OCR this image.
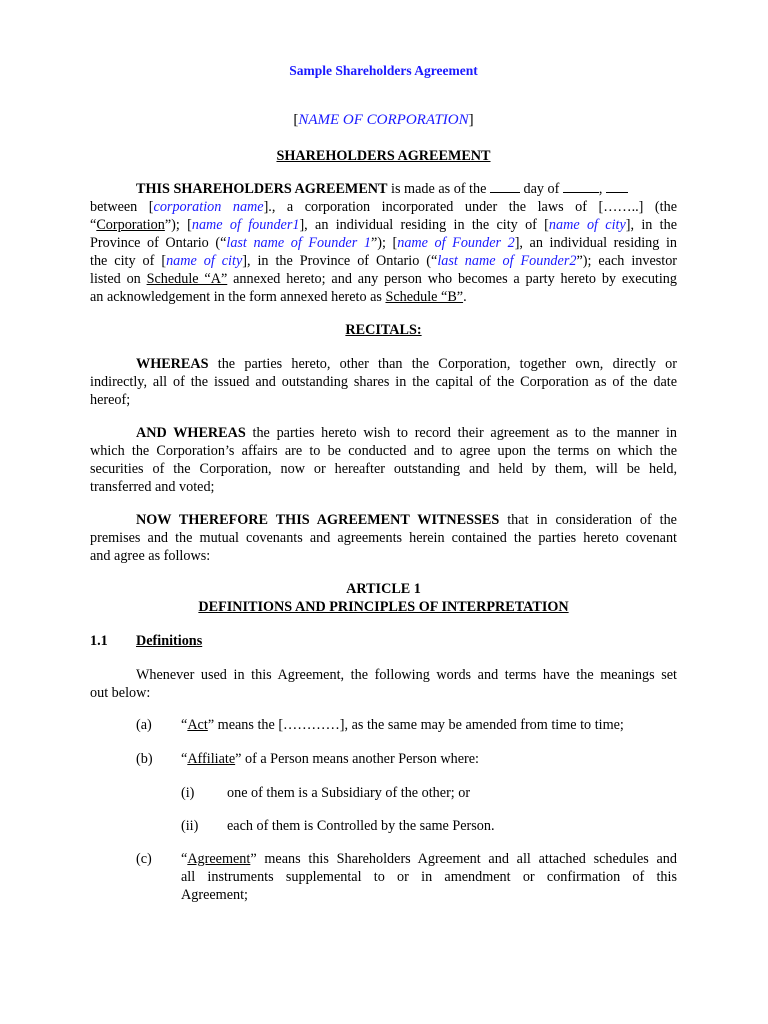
Sample Shareholders Agreement
[NAME OF CORPORATION]
SHAREHOLDERS AGREEMENT
THIS SHAREHOLDERS AGREEMENT is made as of the  day of	,
between [corporation name]., a corporation incorporated under the laws of [……..] (the
“Corporation”); [name of founder1], an individual residing in the city of [name of city], in the
Province of Ontario (“last name of Founder 1”); [name of Founder 2], an individual residing in
the city of [name of city], in the Province of Ontario (“last name of Founder2”); each investor
listed on Schedule “A” annexed hereto; and any person who becomes a party hereto by executing
an acknowledgement in the form annexed hereto as Schedule “B”.
RECITALS:
WHEREAS the parties hereto, other than the Corporation, together own, directly or
indirectly, all of the issued and outstanding shares in the capital of the Corporation as of the date
hereof;
AND WHEREAS the parties hereto wish to record their agreement as to the manner in
which the Corporation’s affairs are to be conducted and to agree upon the terms on which the
securities of the Corporation, now or hereafter outstanding and held by them, will be held,
transferred and voted;
NOW THEREFORE THIS AGREEMENT WITNESSES that in consideration of the
premises and the mutual covenants and agreements herein contained the parties hereto covenant
and agree as follows:
ARTICLE 1
DEFINITIONS AND PRINCIPLES OF INTERPRETATION
1.1 Definitions
Whenever used in this Agreement, the following words and terms have the meanings set
out below:
(a) “Act” means the […………], as the same may be amended from time to time;
(b) “Affiliate” of a Person means another Person where:
(i) one of them is a Subsidiary of the other; or
(ii) each of them is Controlled by the same Person.
(c) “Agreement” means this Shareholders Agreement and all attached schedules and
all instruments supplemental to or in amendment or confirmation of this
Agreement;
